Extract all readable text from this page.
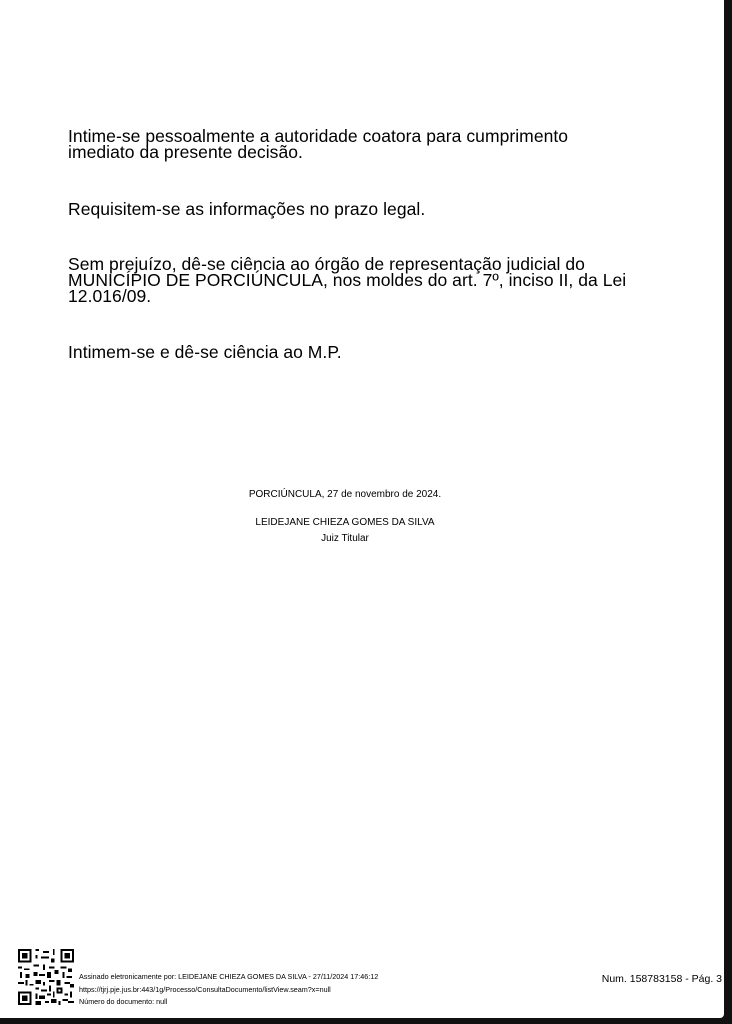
Intime-se pessoalmente a autoridade coatora para cumprimento imediato da presente decisão.
Requisitem-se as informações no prazo legal.
Sem prejuízo, dê-se ciência ao órgão de representação judicial do MUNICÍPIO DE PORCIÚNCULA, nos moldes do art. 7º, inciso II, da Lei 12.016/09.
Intimem-se e dê-se ciência ao M.P.
PORCIÚNCULA, 27 de novembro de 2024.
LEIDEJANE CHIEZA GOMES DA SILVA
Juiz Titular
Assinado eletronicamente por: LEIDEJANE CHIEZA GOMES DA SILVA - 27/11/2024 17:46:12
https://tjrj.pje.jus.br:443/1g/Processo/ConsultaDocumento/listView.seam?x=null
Número do documento: null
Num. 158783158 - Pág. 3
